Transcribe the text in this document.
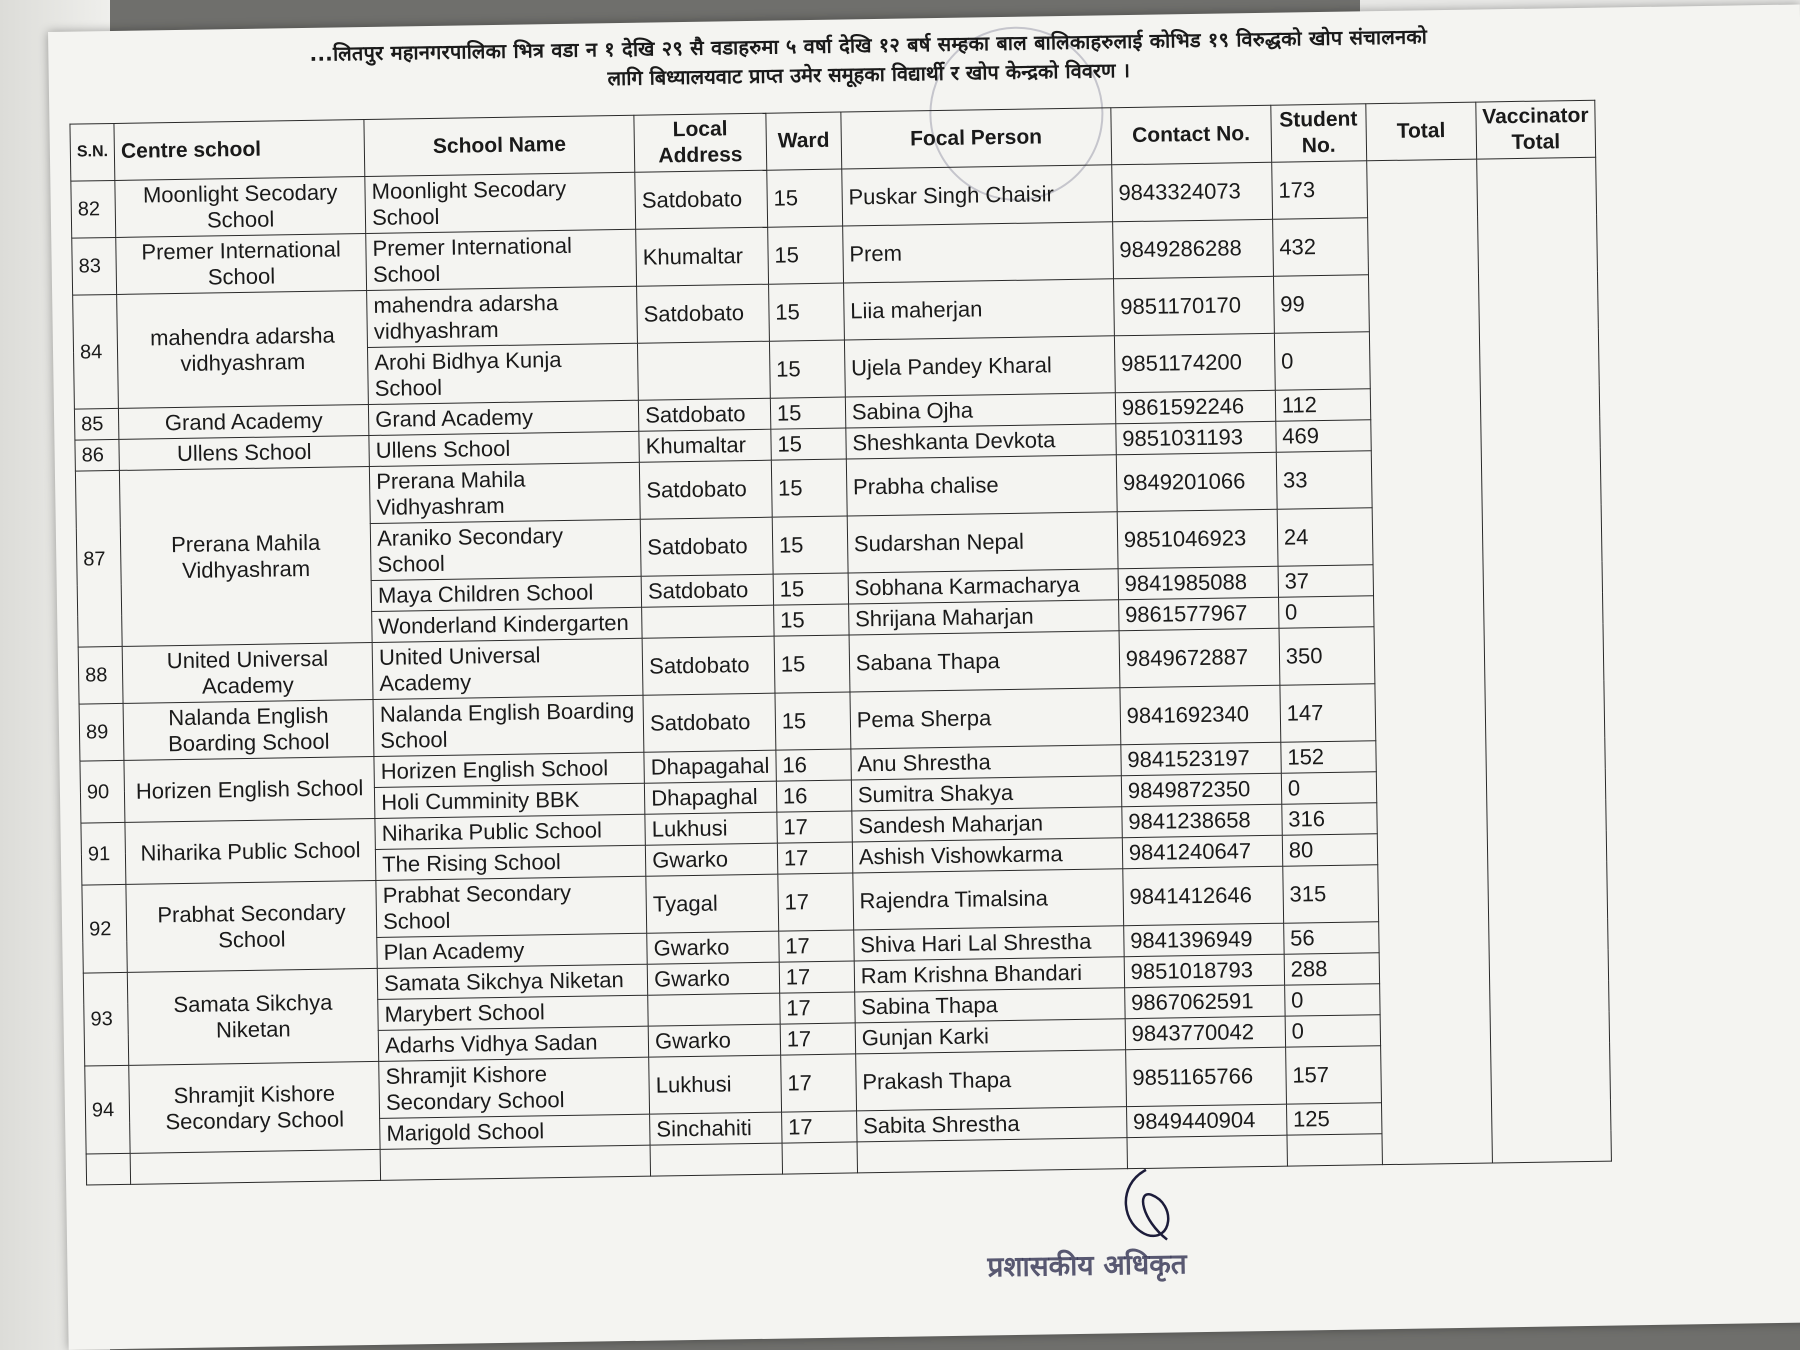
...लितपुर महानगरपालिका भित्र वडा न १ देखि २९ सै वडाहरुमा ५ वर्षा देखि १२ बर्ष सम्हका बाल बालिकाहरुलाई कोभिड १९ विरुद्धको खोप संचालनको
लागि बिध्यालयवाट प्राप्त उमेर समूहका विद्यार्थी र खोप केन्द्रको विवरण ।
S.N.	Centre school	School Name	Local Address	Ward	Focal Person	Contact No.	Student No.	Total	Vaccinator Total
82	Moonlight Secodary School	Moonlight Secodary School	Satdobato	15	Puskar Singh Chaisir	9843324073	173		
83	Premer International School	Premer International School	Khumaltar	15	Prem	9849286288	432		
84	mahendra adarsha vidhyashram	mahendra adarsha vidhyashram	Satdobato	15	Liia maherjan	9851170170	99		
		Arohi Bidhya Kunja School		15	Ujela Pandey Kharal	9851174200	0		
85	Grand Academy	Grand Academy	Satdobato	15	Sabina Ojha	9861592246	112		
86	Ullens School	Ullens School	Khumaltar	15	Sheshkanta Devkota	9851031193	469		
87	Prerana Mahila Vidhyashram	Prerana Mahila Vidhyashram	Satdobato	15	Prabha chalise	9849201066	33		
		Araniko Secondary School	Satdobato	15	Sudarshan Nepal	9851046923	24		
		Maya Children School	Satdobato	15	Sobhana Karmacharya	9841985088	37		
		Wonderland Kindergarten		15	Shrijana Maharjan	9861577967	0		
88	United Universal Academy	United Universal Academy	Satdobato	15	Sabana Thapa	9849672887	350		
89	Nalanda English Boarding School	Nalanda English Boarding School	Satdobato	15	Pema Sherpa	9841692340	147		
90	Horizen English School	Horizen English School	Dhapagahal	16	Anu Shrestha	9841523197	152		
		Holi Cumminity BBK	Dhapaghal	16	Sumitra Shakya	9849872350	0		
91	Niharika Public School	Niharika Public School	Lukhusi	17	Sandesh Maharjan	9841238658	316		
		The Rising School	Gwarko	17	Ashish Vishowkarma	9841240647	80		
92	Prabhat Secondary School	Prabhat Secondary School	Tyagal	17	Rajendra Timalsina	9841412646	315		
		Plan Academy	Gwarko	17	Shiva Hari Lal Shrestha	9841396949	56		
93	Samata Sikchya Niketan	Samata Sikchya Niketan	Gwarko	17	Ram Krishna Bhandari	9851018793	288		
		Marybert School		17	Sabina Thapa	9867062591	0		
		Adarhs Vidhya Sadan	Gwarko	17	Gunjan Karki	9843770042	0		
94	Shramjit Kishore Secondary School	Shramjit Kishore Secondary School	Lukhusi	17	Prakash Thapa	9851165766	157		
		Marigold School	Sinchahiti	17	Sabita Shrestha	9849440904	125		

प्रशासकीय अधिकृत
